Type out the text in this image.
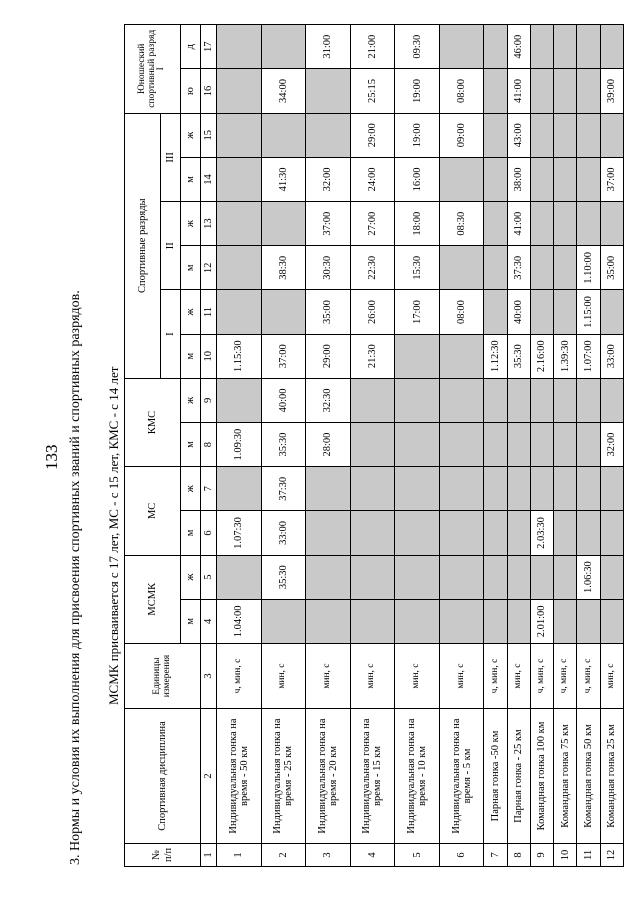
133 3. Нормы и условия их выполнения для присвоения спортивных званий и спортивных разрядов. МСМК присваивается с 17 лет, МС - с 15 лет, КМС - с 14 лет
№ п/п	Спортивная дисциплина	Единицы измерения	МСМК		МС		КМС		Спортивные разряды						Юношеский спортивный разряд
I	
									I		II		III			
			м	ж	м	ж	м	ж	м	ж	м	ж	м	ж	ю	д
1	2	3	4	5	6	7	8	9	10	11	12	13	14	15	16	17
1	Индивидуальная гонка на время - 50 км	ч, мин, с	1.04:00		1.07:30		1.09:30		1.15:30							
2	Индивидуальная гонка на время - 25 км	мин, с		35:30	33:00	37:30	35:30	40:00	37:00		38:30		41:30		34:00	
3	Индивидуальная гонка на время - 20 км	мин, с					28:00	32:30	29:00	35:00	30:30	37:00	32:00			31:00
4	Индивидуальная гонка на время - 15 км	мин, с							21:30	26:00	22:30	27:00	24:00	29:00	25:15	21:00
5	Индивидуальная гонка на время - 10 км	мин, с								17:00	15:30	18:00	16:00	19:00	19:00	09:30
6	Индивидуальная гонка на время - 5 км	мин, с								08:00		08:30		09:00	08:00	
7	Парная гонка -50 км	ч, мин, с							1.12:30							
8	Парная гонка - 25 км	мин, с							35:30	40:00	37:30	41:00	38:00	43:00	41:00	46:00
9	Командная гонка 100 км	ч, мин, с	2.01:00		2.03:30				2.16:00							
10	Командная гонка 75 км	ч, мин, с							1.39:30							
11	Командная гонка 50 км	ч, мин, с		1.06:30					1.07:00	1.15:00	1.10:00					
12	Командная гонка 25 км	мин, с					32:00		33:00		35:00		37:00		39:00	
